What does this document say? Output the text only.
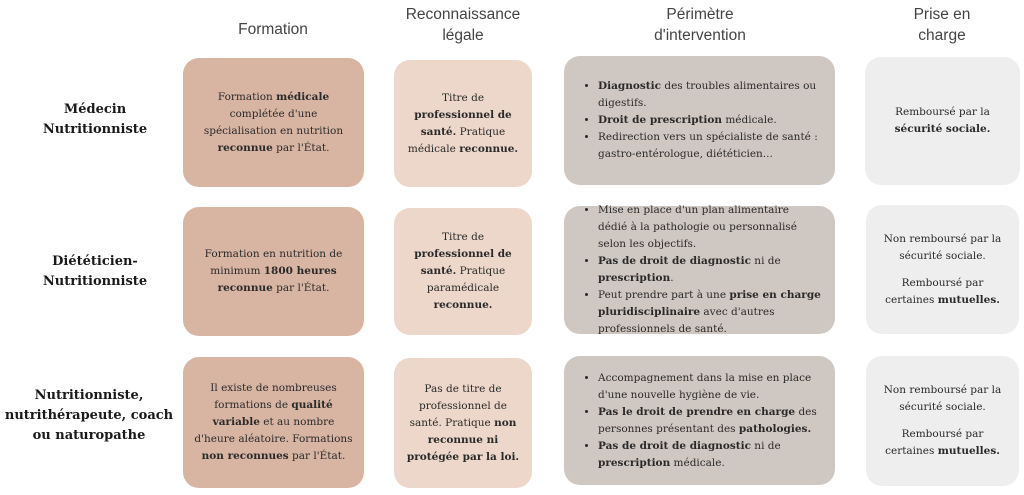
Formation
Reconnaissance
légale
Périmètre
d'intervention
Prise en
charge
Médecin
Nutritionniste
Diététicien-
Nutritionniste
Nutritionniste,
nutrithérapeute, coach
ou naturopathe

Formation médicale complétée d'une spécialisation en nutrition reconnue par l'État.

Titre de professionnel de santé. Pratique médicale reconnue.

• Diagnostic des troubles alimentaires ou digestifs.
• Droit de prescription médicale.
• Redirection vers un spécialiste de santé : gastro-entérologue, diététicien...

Remboursé par la sécurité sociale.

Formation en nutrition de minimum 1800 heures reconnue par l'État.

Titre de professionnel de santé. Pratique paramédicale reconnue.

• Mise en place d'un plan alimentaire dédié à la pathologie ou personnalisé selon les objectifs.
• Pas de droit de diagnostic ni de prescription.
• Peut prendre part à une prise en charge pluridisciplinaire avec d'autres professionnels de santé.

Non remboursé par la sécurité sociale.

Remboursé par certaines mutuelles.

Il existe de nombreuses formations de qualité variable et au nombre d'heure aléatoire. Formations non reconnues par l'État.

Pas de titre de professionnel de santé. Pratique non reconnue ni protégée par la loi.

• Accompagnement dans la mise en place d'une nouvelle hygiène de vie.
• Pas le droit de prendre en charge des personnes présentant des pathologies.
• Pas de droit de diagnostic ni de prescription médicale.

Non remboursé par la sécurité sociale.

Remboursé par certaines mutuelles.
